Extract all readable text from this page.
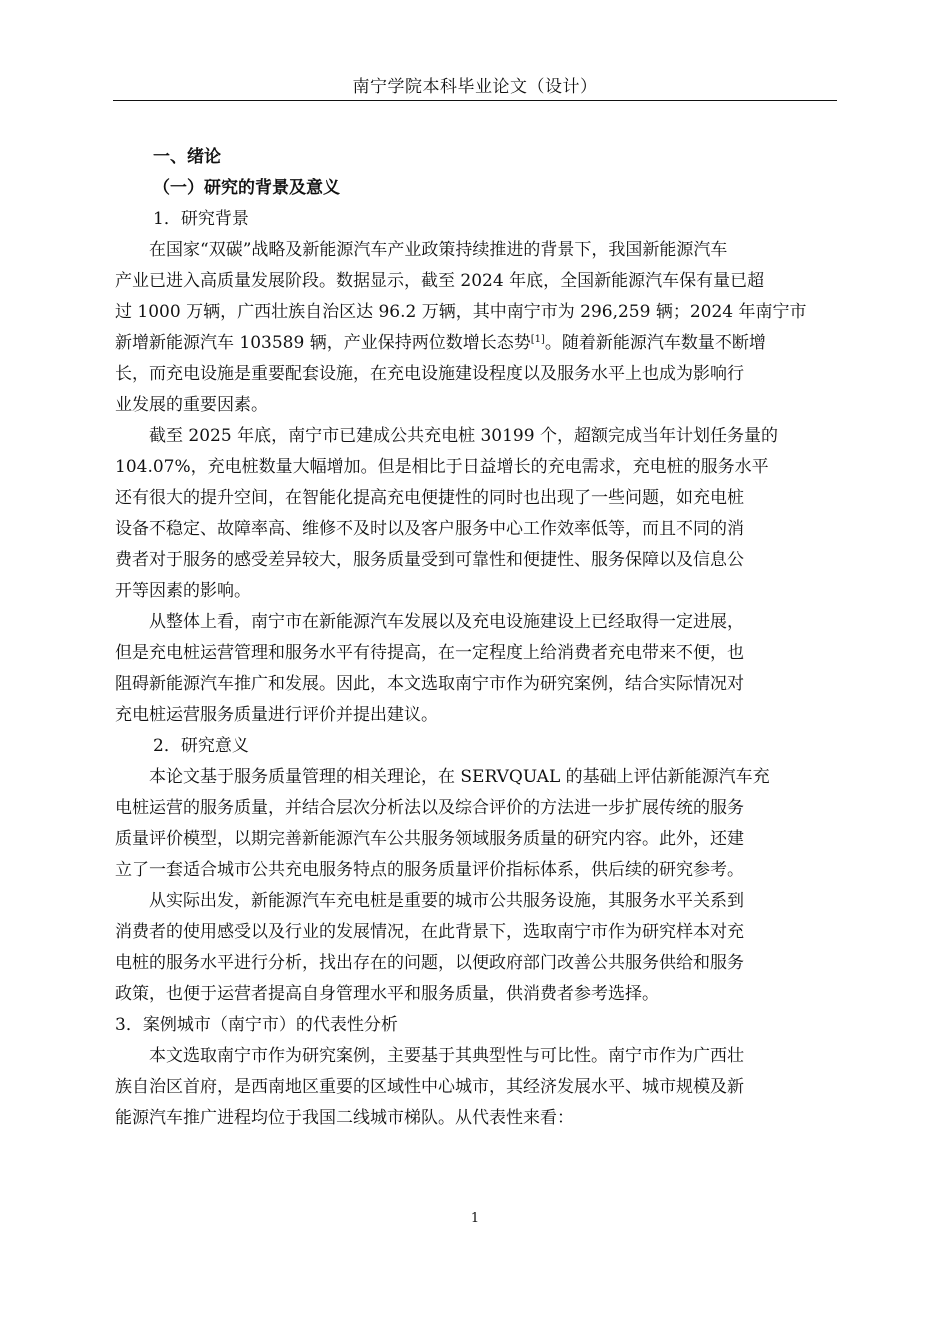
南宁学院本科毕业论文（设计）
一、绪论
（一）研究的背景及意义
1．研究背景
在国家“双碳”战略及新能源汽车产业政策持续推进的背景下，我国新能源汽车
产业已进入高质量发展阶段。数据显示，截至 2024 年底，全国新能源汽车保有量已超
过 1000 万辆，广西壮族自治区达 96.2 万辆，其中南宁市为 296,259 辆；2024 年南宁市
新增新能源汽车 103589 辆，产业保持两位数增长态势[1]。随着新能源汽车数量不断增
长，而充电设施是重要配套设施，在充电设施建设程度以及服务水平上也成为影响行
业发展的重要因素。
截至 2025 年底，南宁市已建成公共充电桩 30199 个，超额完成当年计划任务量的
104.07%，充电桩数量大幅增加。但是相比于日益增长的充电需求，充电桩的服务水平
还有很大的提升空间，在智能化提高充电便捷性的同时也出现了一些问题，如充电桩
设备不稳定、故障率高、维修不及时以及客户服务中心工作效率低等，而且不同的消
费者对于服务的感受差异较大，服务质量受到可靠性和便捷性、服务保障以及信息公
开等因素的影响。
从整体上看，南宁市在新能源汽车发展以及充电设施建设上已经取得一定进展，
但是充电桩运营管理和服务水平有待提高，在一定程度上给消费者充电带来不便，也
阻碍新能源汽车推广和发展。因此，本文选取南宁市作为研究案例，结合实际情况对
充电桩运营服务质量进行评价并提出建议。
2．研究意义
本论文基于服务质量管理的相关理论，在 SERVQUAL 的基础上评估新能源汽车充
电桩运营的服务质量，并结合层次分析法以及综合评价的方法进一步扩展传统的服务
质量评价模型，以期完善新能源汽车公共服务领域服务质量的研究内容。此外，还建
立了一套适合城市公共充电服务特点的服务质量评价指标体系，供后续的研究参考。
从实际出发，新能源汽车充电桩是重要的城市公共服务设施，其服务水平关系到
消费者的使用感受以及行业的发展情况，在此背景下，选取南宁市作为研究样本对充
电桩的服务水平进行分析，找出存在的问题，以便政府部门改善公共服务供给和服务
政策，也便于运营者提高自身管理水平和服务质量，供消费者参考选择。
3．案例城市（南宁市）的代表性分析
本文选取南宁市作为研究案例，主要基于其典型性与可比性。南宁市作为广西壮
族自治区首府，是西南地区重要的区域性中心城市，其经济发展水平、城市规模及新
能源汽车推广进程均位于我国二线城市梯队。从代表性来看：
1
